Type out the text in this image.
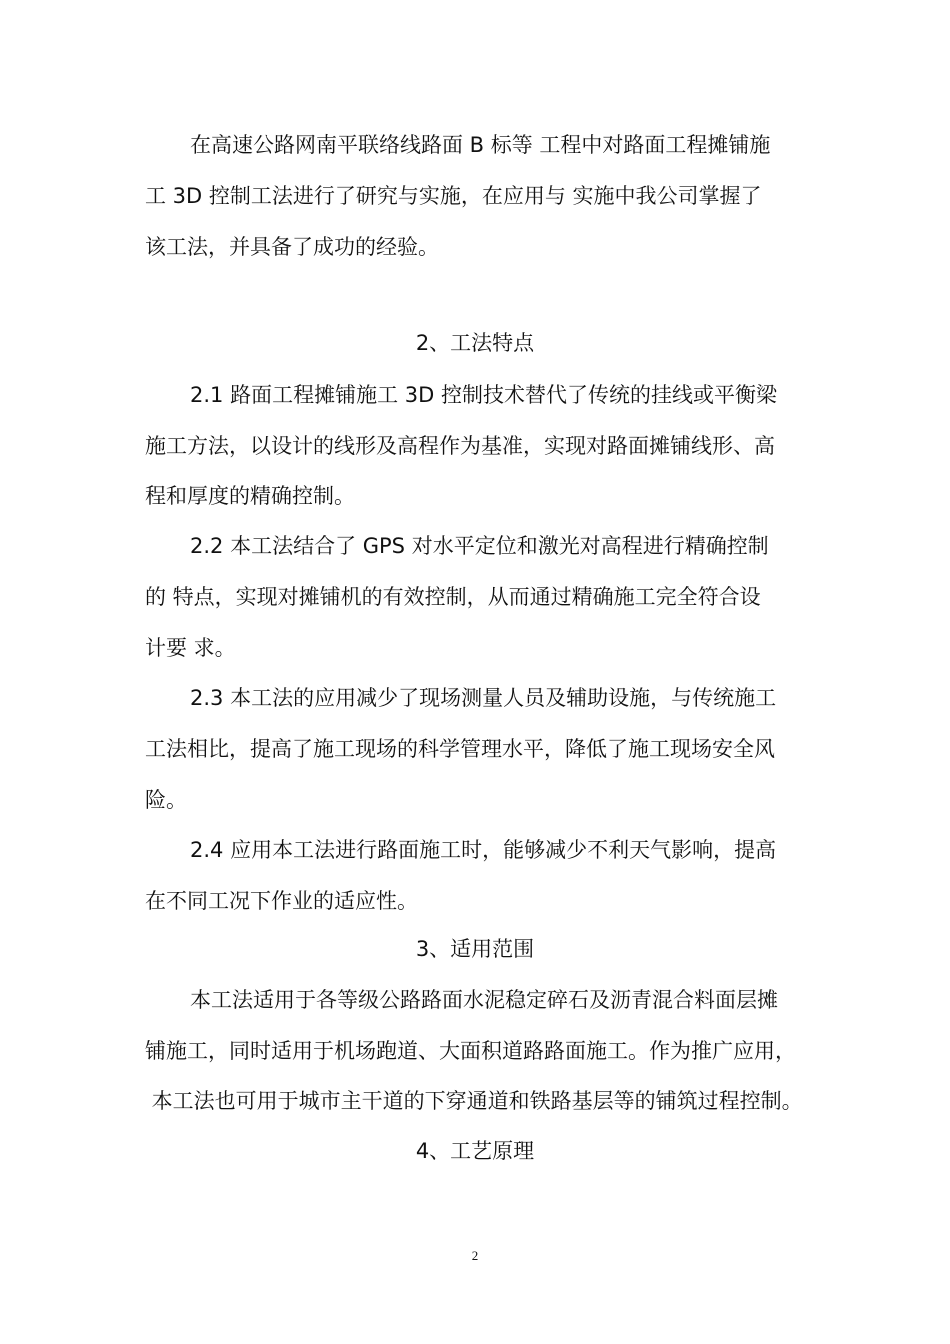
在高速公路网南平联络线路面 B 标等 工程中对路面工程摊铺施

工 3D 控制工法进行了研究与实施，在应用与 实施中我公司掌握了

该工法，并具备了成功的经验。

2、工法特点

2.1 路面工程摊铺施工 3D 控制技术替代了传统的挂线或平衡梁

施工方法，以设计的线形及高程作为基准，实现对路面摊铺线形、高

程和厚度的精确控制。

2.2 本工法结合了 GPS 对水平定位和激光对高程进行精确控制

的 特点，实现对摊铺机的有效控制，从而通过精确施工完全符合设

计要 求。

2.3 本工法的应用减少了现场测量人员及辅助设施，与传统施工

工法相比，提高了施工现场的科学管理水平，降低了施工现场安全风

险。

2.4 应用本工法进行路面施工时，能够减少不利天气影响，提高

在不同工况下作业的适应性。

3、适用范围

本工法适用于各等级公路路面水泥稳定碎石及沥青混合料面层摊

铺施工，同时适用于机场跑道、大面积道路路面施工。作为推广应用，

本工法也可用于城市主干道的下穿通道和铁路基层等的铺筑过程控制。

4、工艺原理

2
